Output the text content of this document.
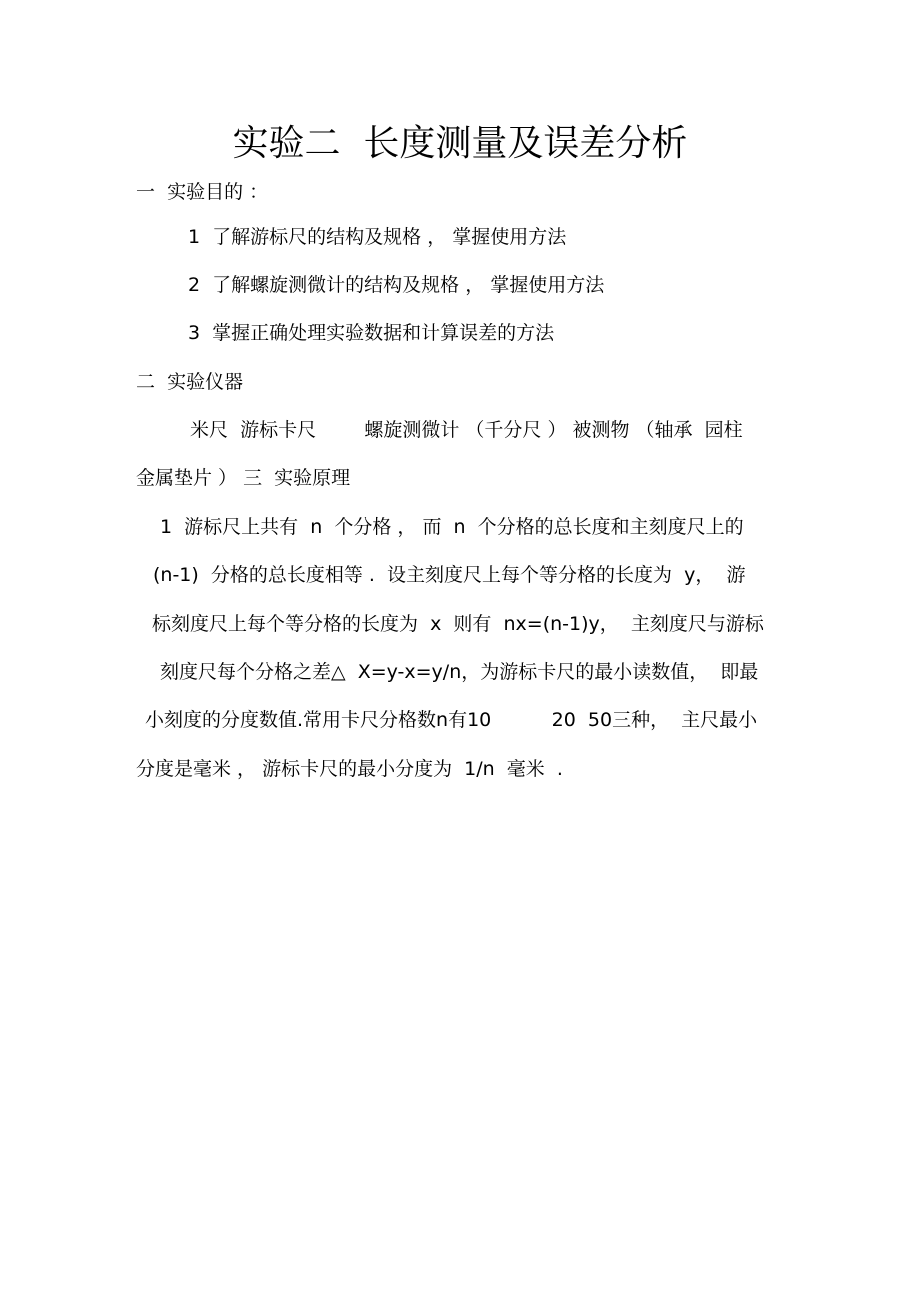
实验二  长度测量及误差分析
一  实验目的 ：
1  了解游标尺的结构及规格 ， 掌握使用方法
2  了解螺旋测微计的结构及规格 ， 掌握使用方法
3  掌握正确处理实验数据和计算误差的方法
二  实验仪器
米尺  游标卡尺        螺旋测微计 （千分尺 ） 被测物 （轴承  园柱
金属垫片 ） 三  实验原理
1  游标尺上共有  n  个分格 ， 而  n  个分格的总长度和主刻度尺上的
(n-1)  分格的总长度相等 .  设主刻度尺上每个等分格的长度为  y，  游
标刻度尺上每个等分格的长度为  x  则有  nx=(n-1)y，  主刻度尺与游标
刻度尺每个分格之差△  X=y-x=y/n，为游标卡尺的最小读数值，  即最
小刻度的分度数值.常用卡尺分格数n有10          20  50三种，  主尺最小
分度是毫米 ， 游标卡尺的最小分度为  1/n  毫米  .
